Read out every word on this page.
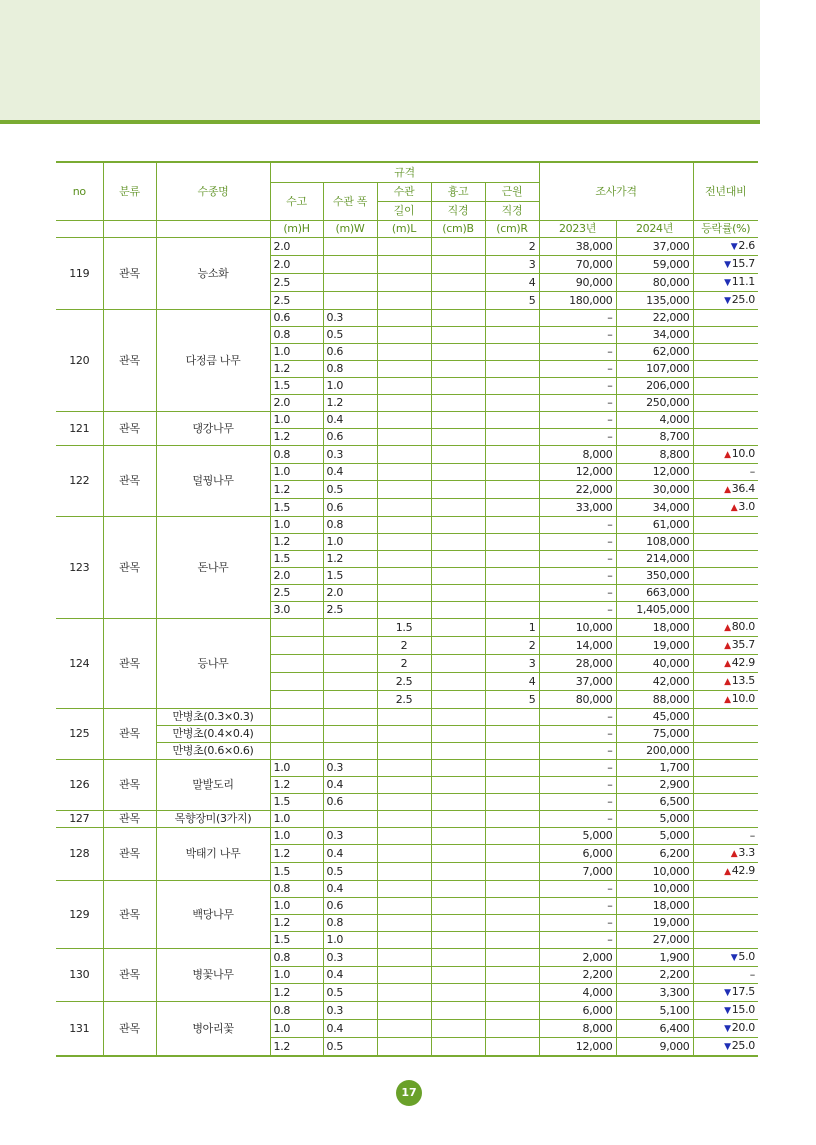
no	분류	수종명	규격					조사가격		전년대비
			수고	수관 폭	수관	흉고	근원			
					길이	직경	직경			
			(m)H	(m)W	(m)L	(cm)B	(cm)R	2023년	2024년	등락률(%)
119	관목	능소화	2.0				2	38,000	37,000	▼2.6
			2.0				3	70,000	59,000	▼15.7
			2.5				4	90,000	80,000	▼11.1
			2.5				5	180,000	135,000	▼25.0
120	관목	다정큼 나무	0.6	0.3				–	22,000	
			0.8	0.5				–	34,000	
			1.0	0.6				–	62,000	
			1.2	0.8				–	107,000	
			1.5	1.0				–	206,000	
			2.0	1.2				–	250,000	
121	관목	댕강나무	1.0	0.4				–	4,000	
			1.2	0.6				–	8,700	
122	관목	덜꿩나무	0.8	0.3				8,000	8,800	▲10.0
			1.0	0.4				12,000	12,000	–
			1.2	0.5				22,000	30,000	▲36.4
			1.5	0.6				33,000	34,000	▲3.0
123	관목	돈나무	1.0	0.8				–	61,000	
			1.2	1.0				–	108,000	
			1.5	1.2				–	214,000	
			2.0	1.5				–	350,000	
			2.5	2.0				–	663,000	
			3.0	2.5				–	1,405,000	
124	관목	등나무			1.5		1	10,000	18,000	▲80.0
					2		2	14,000	19,000	▲35.7
					2		3	28,000	40,000	▲42.9
					2.5		4	37,000	42,000	▲13.5
					2.5		5	80,000	88,000	▲10.0
125	관목	만병초(0.3×0.3)						–	45,000	
		만병초(0.4×0.4)						–	75,000	
		만병초(0.6×0.6)						–	200,000	
126	관목	말발도리	1.0	0.3				–	1,700	
			1.2	0.4				–	2,900	
			1.5	0.6				–	6,500	
127	관목	목향장미(3가지)	1.0					–	5,000	
128	관목	박태기 나무	1.0	0.3				5,000	5,000	–
			1.2	0.4				6,000	6,200	▲3.3
			1.5	0.5				7,000	10,000	▲42.9
129	관목	백당나무	0.8	0.4				–	10,000	
			1.0	0.6				–	18,000	
			1.2	0.8				–	19,000	
			1.5	1.0				–	27,000	
130	관목	병꽃나무	0.8	0.3				2,000	1,900	▼5.0
			1.0	0.4				2,200	2,200	–
			1.2	0.5				4,000	3,300	▼17.5
131	관목	병아리꽃	0.8	0.3				6,000	5,100	▼15.0
			1.0	0.4				8,000	6,400	▼20.0
			1.2	0.5				12,000	9,000	▼25.0
17
